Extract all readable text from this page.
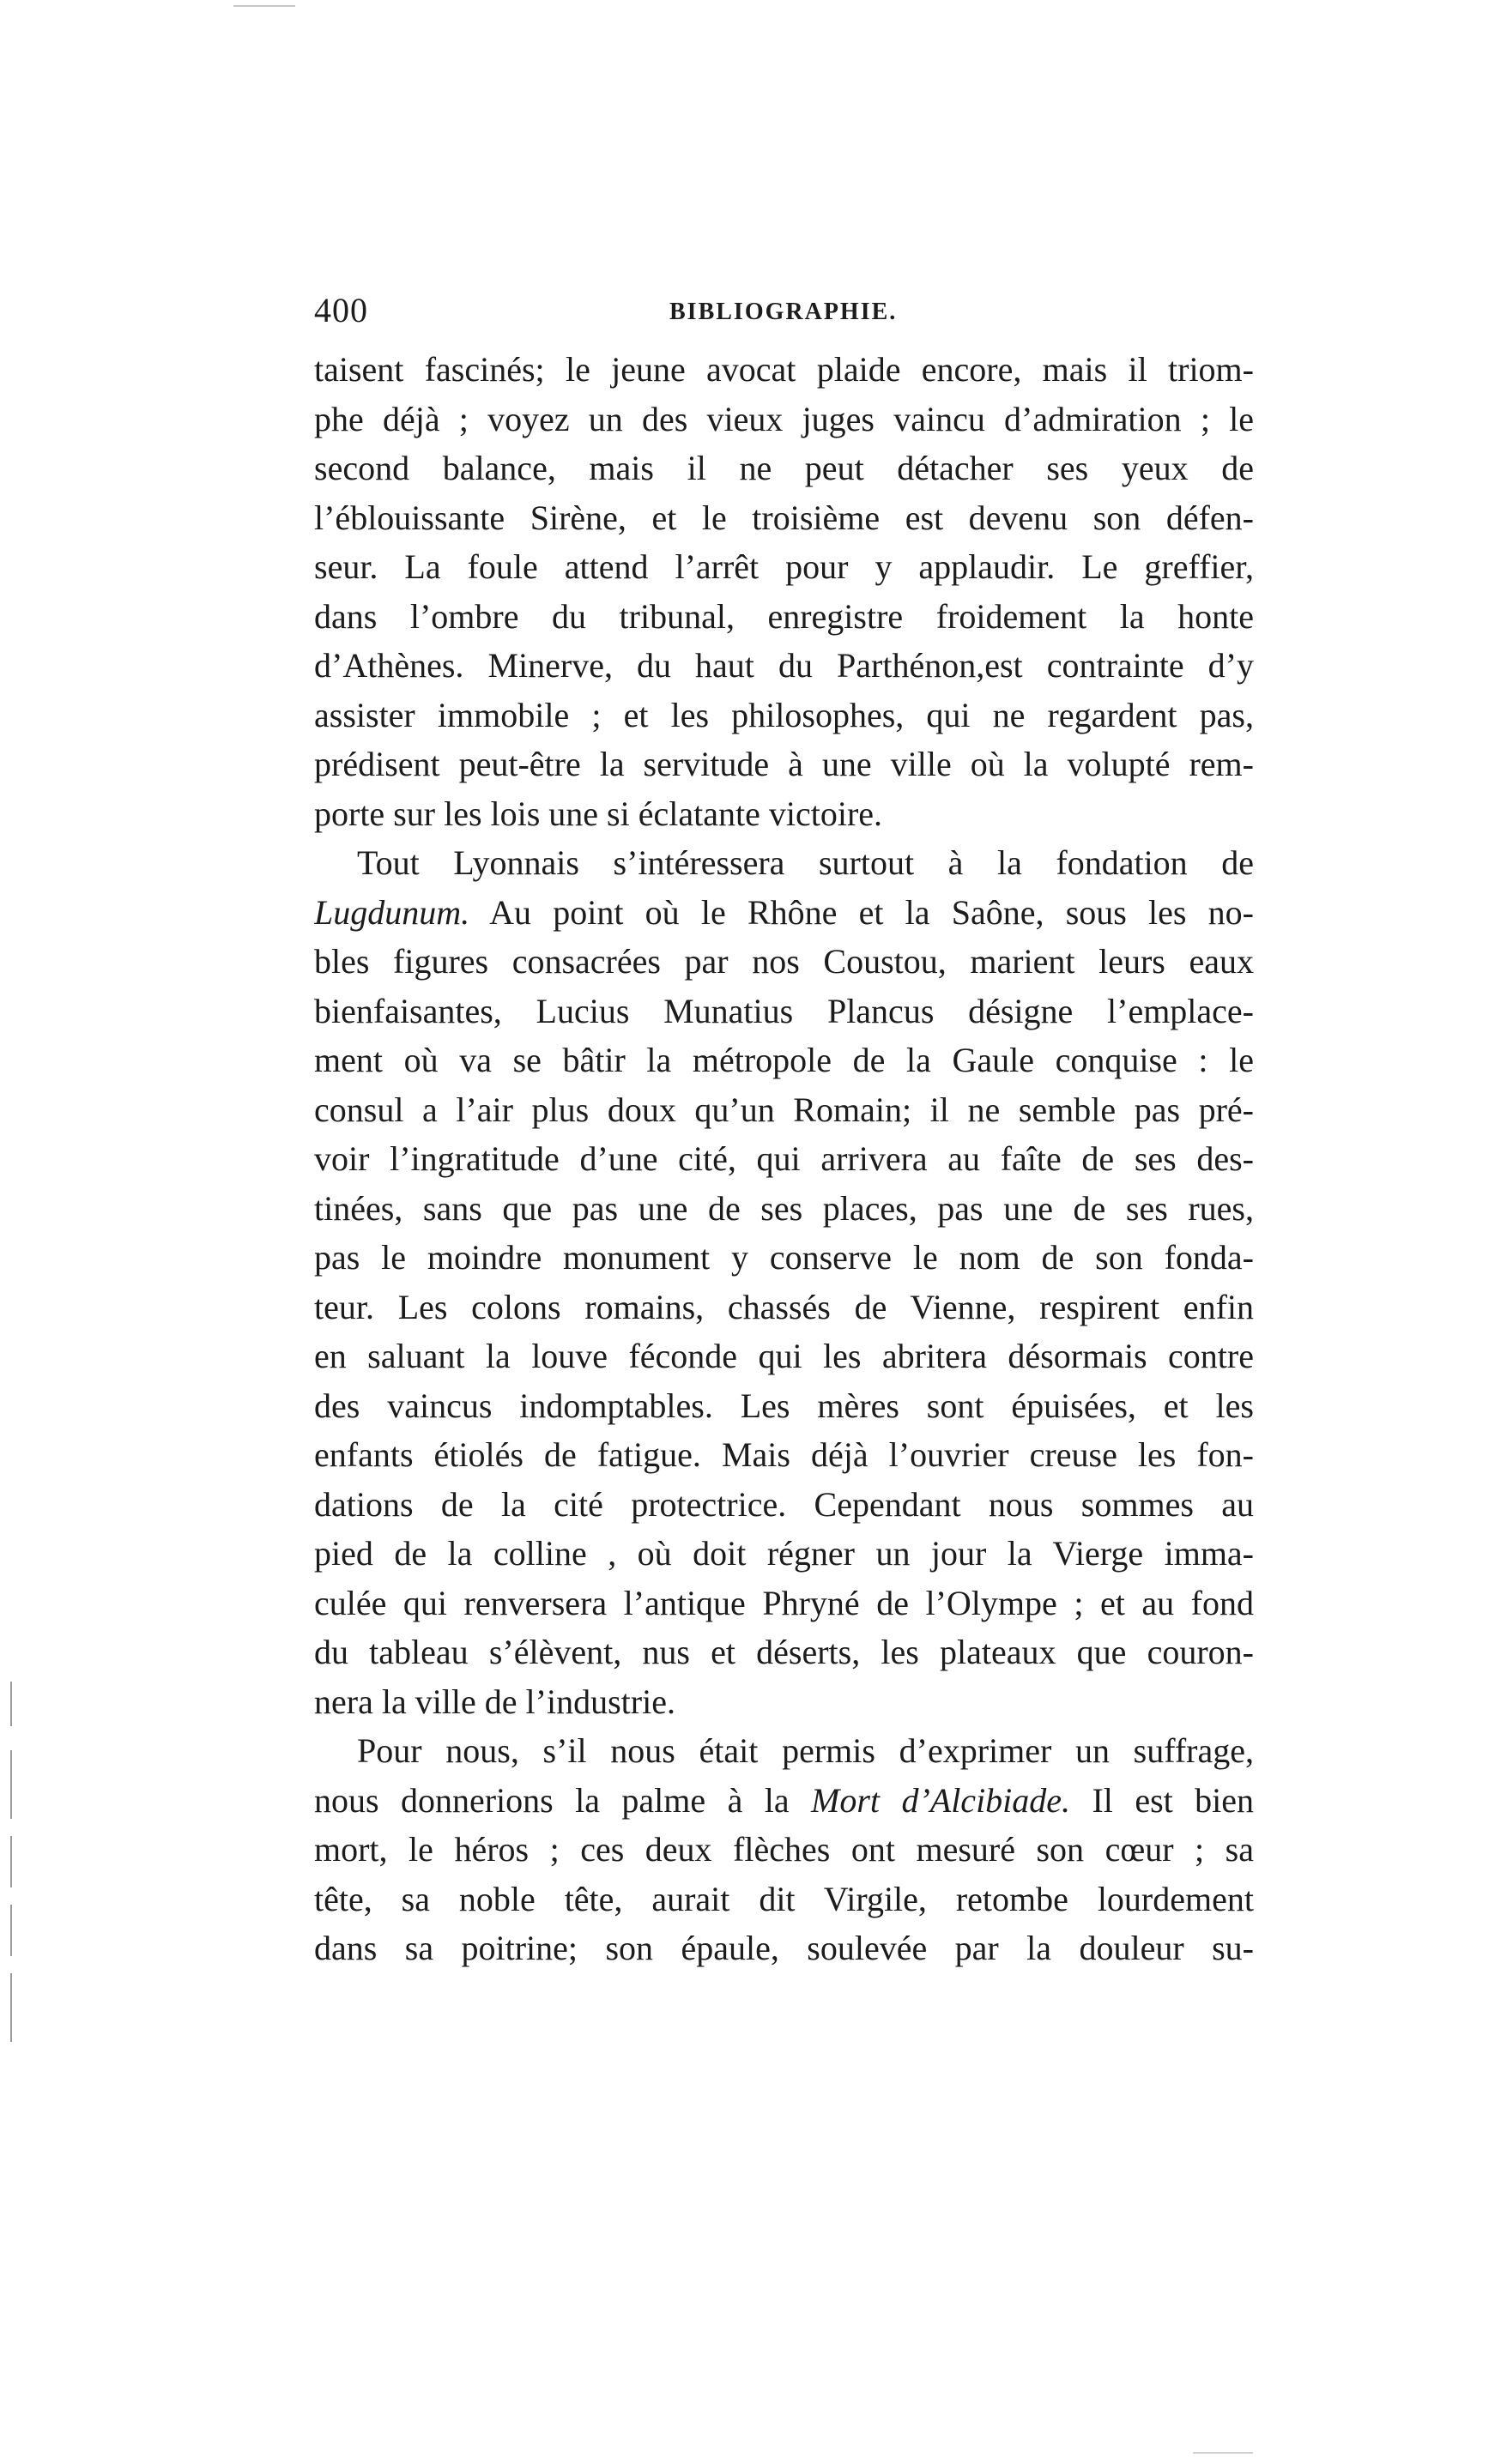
400	BIBLIOGRAPHIE.
taisent fascinés; le jeune avocat plaide encore, mais il triom-
phe déjà ; voyez un des vieux juges vaincu d’admiration ; le
second balance, mais il ne peut détacher ses yeux de
l’éblouissante Sirène, et le troisième est devenu son défen-
seur. La foule attend l’arrêt pour y applaudir. Le greffier,
dans l’ombre du tribunal, enregistre froidement la honte
d’Athènes. Minerve, du haut du Parthénon,est contrainte d’y
assister immobile ; et les philosophes, qui ne regardent pas,
prédisent peut-être la servitude à une ville où la volupté rem-
porte sur les lois une si éclatante victoire.
Tout Lyonnais s’intéressera surtout à la fondation de
Lugdunum. Au point où le Rhône et la Saône, sous les no-
bles figures consacrées par nos Coustou, marient leurs eaux
bienfaisantes, Lucius Munatius Plancus désigne l’emplace-
ment où va se bâtir la métropole de la Gaule conquise : le
consul a l’air plus doux qu’un Romain; il ne semble pas pré-
voir l’ingratitude d’une cité, qui arrivera au faîte de ses des-
tinées, sans que pas une de ses places, pas une de ses rues,
pas le moindre monument y conserve le nom de son fonda-
teur. Les colons romains, chassés de Vienne, respirent enfin
en saluant la louve féconde qui les abritera désormais contre
des vaincus indomptables. Les mères sont épuisées, et les
enfants étiolés de fatigue. Mais déjà l’ouvrier creuse les fon-
dations de la cité protectrice. Cependant nous sommes au
pied de la colline , où doit régner un jour la Vierge imma-
culée qui renversera l’antique Phryné de l’Olympe ; et au fond
du tableau s’élèvent, nus et déserts, les plateaux que couron-
nera la ville de l’industrie.
Pour nous, s’il nous était permis d’exprimer un suffrage,
nous donnerions la palme à la Mort d’Alcibiade. Il est bien
mort, le héros ; ces deux flèches ont mesuré son cœur ; sa
tête, sa noble tête, aurait dit Virgile, retombe lourdement
dans sa poitrine; son épaule, soulevée par la douleur su-
